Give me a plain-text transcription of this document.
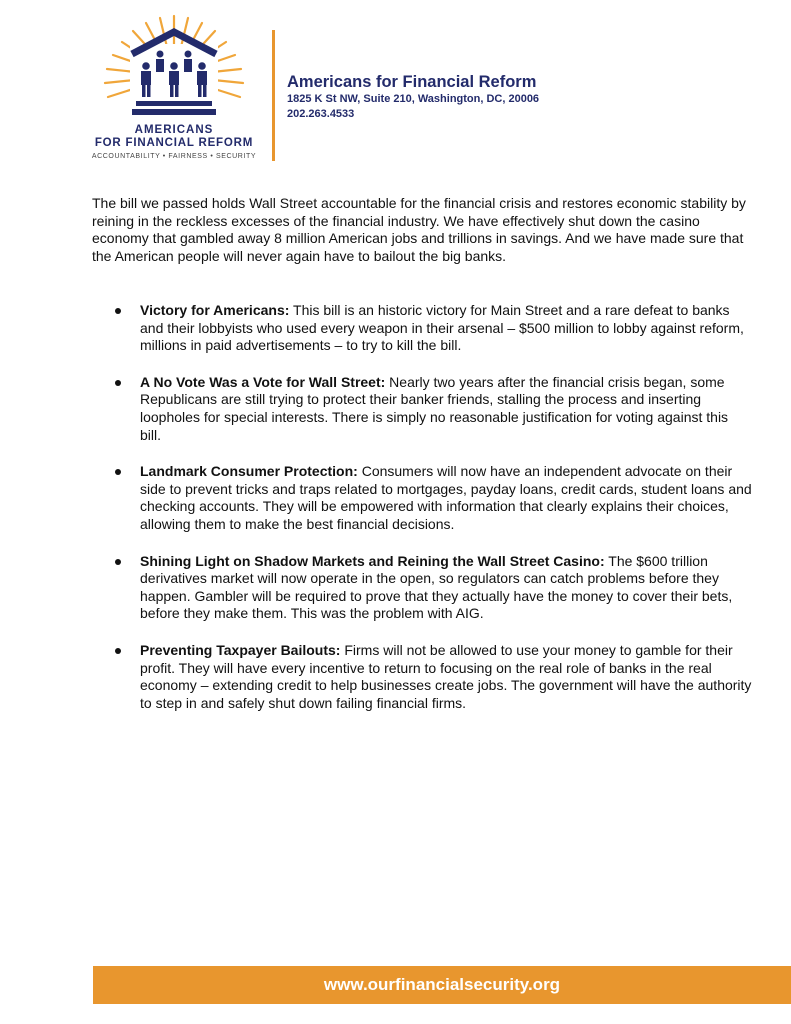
AMERICANS
FOR FINANCIAL REFORM
ACCOUNTABILITY • FAIRNESS • SECURITY
Americans for Financial Reform
1825 K St NW, Suite 210, Washington, DC, 20006
202.263.4533

The bill we passed holds Wall Street accountable for the financial crisis and restores economic stability by reining in the reckless excesses of the financial industry. We have effectively shut down the casino economy that gambled away 8 million American jobs and trillions in savings. And we have made sure that the American people will never again have to bailout the big banks.

Victory for Americans: This bill is an historic victory for Main Street and a rare defeat to banks and their lobbyists who used every weapon in their arsenal – $500 million to lobby against reform, millions in paid advertisements – to try to kill the bill.
A No Vote Was a Vote for Wall Street: Nearly two years after the financial crisis began, some Republicans are still trying to protect their banker friends, stalling the process and inserting loopholes for special interests. There is simply no reasonable justification for voting against this bill.
Landmark Consumer Protection: Consumers will now have an independent advocate on their side to prevent tricks and traps related to mortgages, payday loans, credit cards, student loans and checking accounts. They will be empowered with information that clearly explains their choices, allowing them to make the best financial decisions.
Shining Light on Shadow Markets and Reining the Wall Street Casino: The $600 trillion derivatives market will now operate in the open, so regulators can catch problems before they happen. Gambler will be required to prove that they actually have the money to cover their bets, before they make them. This was the problem with AIG.
Preventing Taxpayer Bailouts: Firms will not be allowed to use your money to gamble for their profit. They will have every incentive to return to focusing on the real role of banks in the real economy – extending credit to help businesses create jobs. The government will have the authority to step in and safely shut down failing financial firms.
www.ourfinancialsecurity.org
